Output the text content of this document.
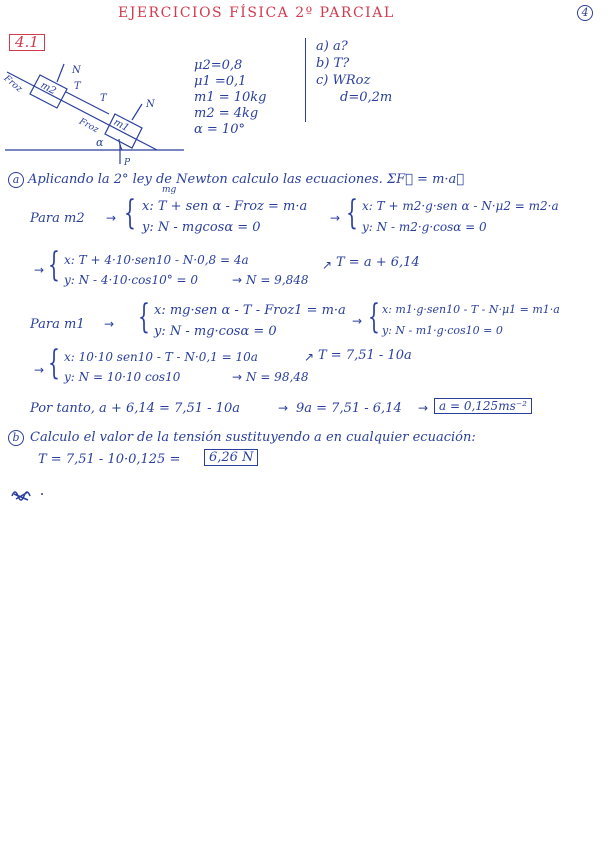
EJERCICIOS FÍSICA 2º PARCIAL	4
4.1
m2
m1
N
N
T
T
Froz
Froz
α
P
μ2=0,8
μ1 =0,1
m1 = 10kg
m2 = 4kg
α = 10°
a) a?
b) T?
c) WRoz
d=0,2m
a Aplicando la 2° ley de Newton calculo las ecuaciones. ΣF⃗ = m·a⃗
mg
Para m2 → { x: T + sen α - Froz = m·a
y: N - mgcosα = 0
→ { x: T + m2·g·sen α - N·μ2 = m2·a
y: N - m2·g·cosα = 0
→ { x: T + 4·10·sen10 - N·0,8 = 4a
y: N - 4·10·cos10° = 0	→ N = 9,848
↗ T = a + 6,14
Para m1 → { x: mg·sen α - T - Froz1 = m·a
y: N - mg·cosα = 0
→ { x: m1·g·sen10 - T - N·μ1 = m1·a
y: N - m1·g·cos10 = 0
→ { x: 10·10 sen10 - T - N·0,1 = 10a
y: N = 10·10 cos10	→ N = 98,48
↗ T = 7,51 - 10a
Por tanto, a + 6,14 = 7,51 - 10a	→ 9a = 7,51 - 6,14 → a = 0,125ms⁻²
b Calculo el valor de la tensión sustituyendo a en cualquier ecuación:
T = 7,51 - 10·0,125 =	6,26 N
